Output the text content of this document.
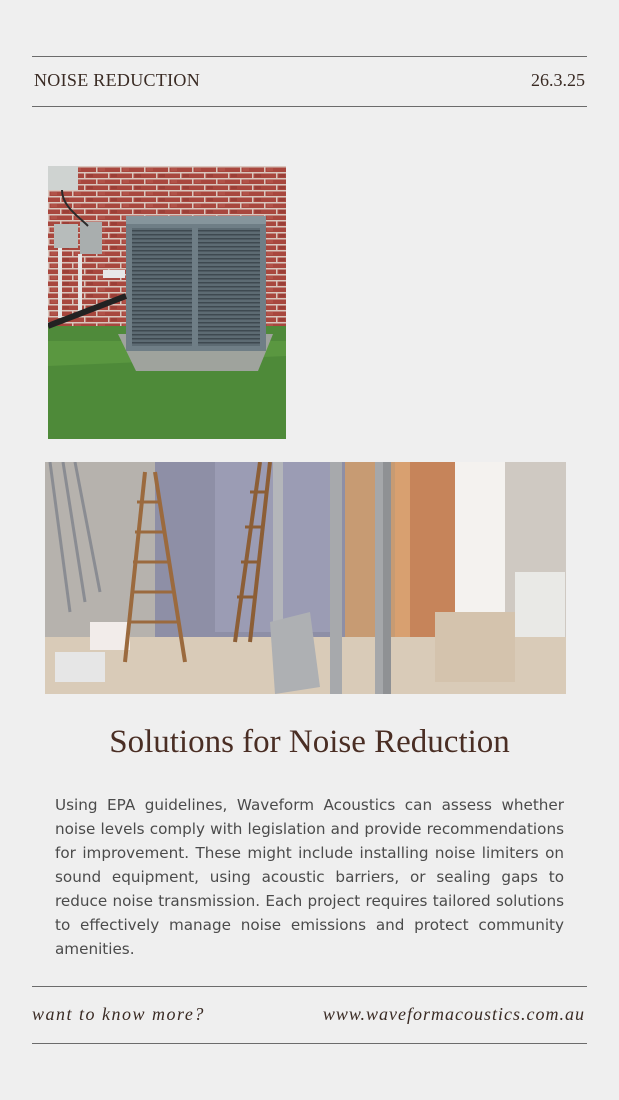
NOISE REDUCTION	26.3.25
Solutions for Noise Reduction
Using EPA guidelines, Waveform Acoustics can assess whether noise levels comply with legislation and provide recommendations for improvement. These might include installing noise limiters on sound equipment, using acoustic barriers, or sealing gaps to reduce noise transmission. Each project requires tailored solutions to effectively manage noise emissions and protect community amenities.
want to know more?	www.waveformacoustics.com.au
